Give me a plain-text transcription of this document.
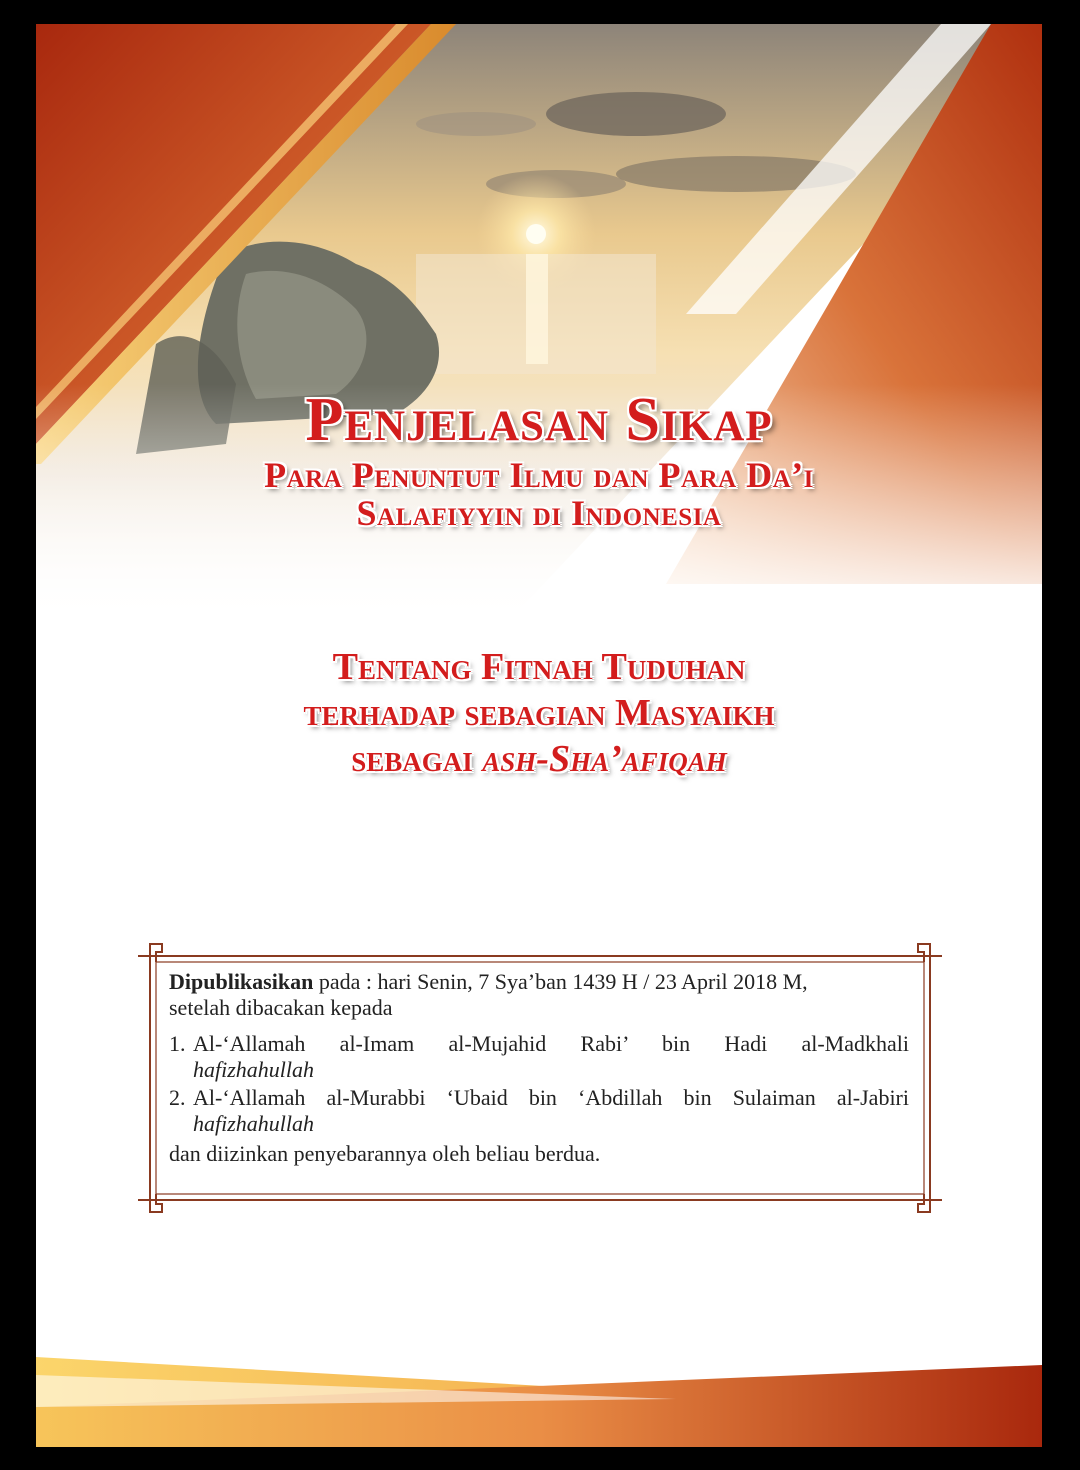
Penjelasan Sikap
Para Penuntut Ilmu dan Para Da’i
Salafiyyin di Indonesia
Tentang Fitnah Tuduhan
terhadap sebagian Masyaikh
sebagai ash-Sha’afiqah

Dipublikasikan pada : hari Senin, 7 Sya’ban 1439 H / 23 April 2018 M,

setelah dibacakan kepada

1. Al-‘Allamah al-Imam al-Mujahid Rabi’ bin Hadi al-Madkhali
hafizhahullah
2. Al-‘Allamah al-Murabbi ‘Ubaid bin ‘Abdillah bin Sulaiman al-Jabiri
hafizhahullah

dan diizinkan penyebarannya oleh beliau berdua.
